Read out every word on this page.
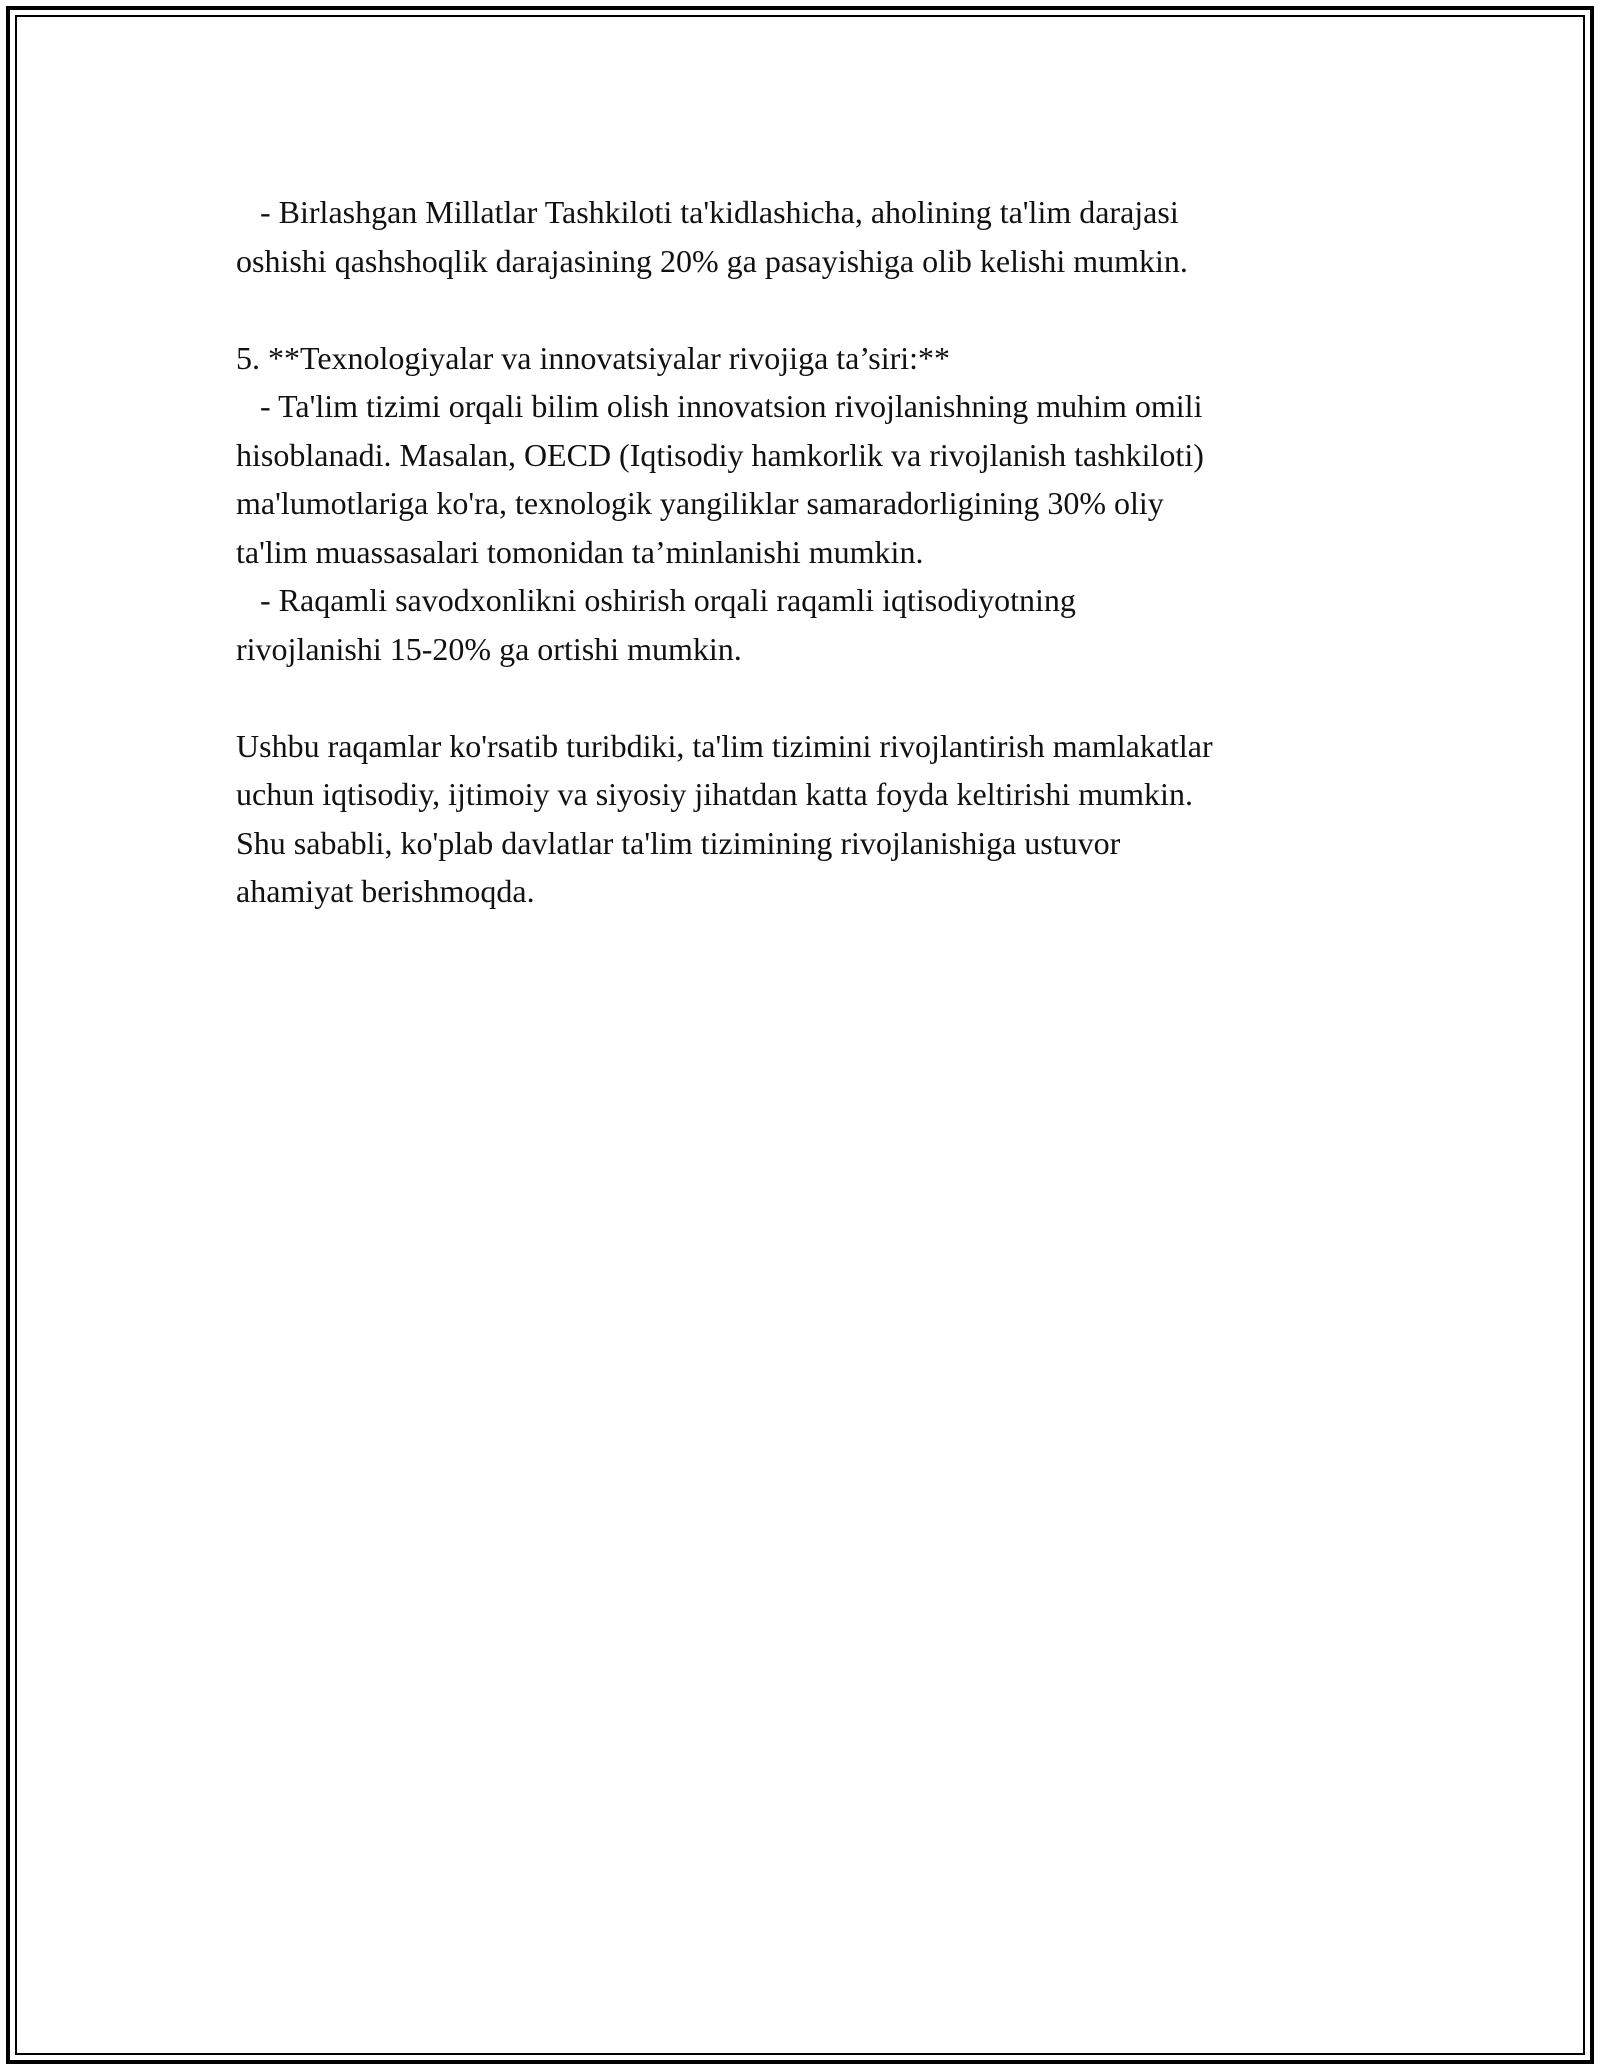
- Birlashgan Millatlar Tashkiloti ta'kidlashicha, aholining ta'lim darajasi
oshishi qashshoqlik darajasining 20% ga pasayishiga olib kelishi mumkin.
5. **Texnologiyalar va innovatsiyalar rivojiga ta’siri:**
- Ta'lim tizimi orqali bilim olish innovatsion rivojlanishning muhim omili
hisoblanadi. Masalan, OECD (Iqtisodiy hamkorlik va rivojlanish tashkiloti)
ma'lumotlariga ko'ra, texnologik yangiliklar samaradorligining 30% oliy
ta'lim muassasalari tomonidan ta’minlanishi mumkin.
- Raqamli savodxonlikni oshirish orqali raqamli iqtisodiyotning
rivojlanishi 15-20% ga ortishi mumkin.
Ushbu raqamlar ko'rsatib turibdiki, ta'lim tizimini rivojlantirish mamlakatlar
uchun iqtisodiy, ijtimoiy va siyosiy jihatdan katta foyda keltirishi mumkin.
Shu sababli, ko'plab davlatlar ta'lim tizimining rivojlanishiga ustuvor
ahamiyat berishmoqda.
